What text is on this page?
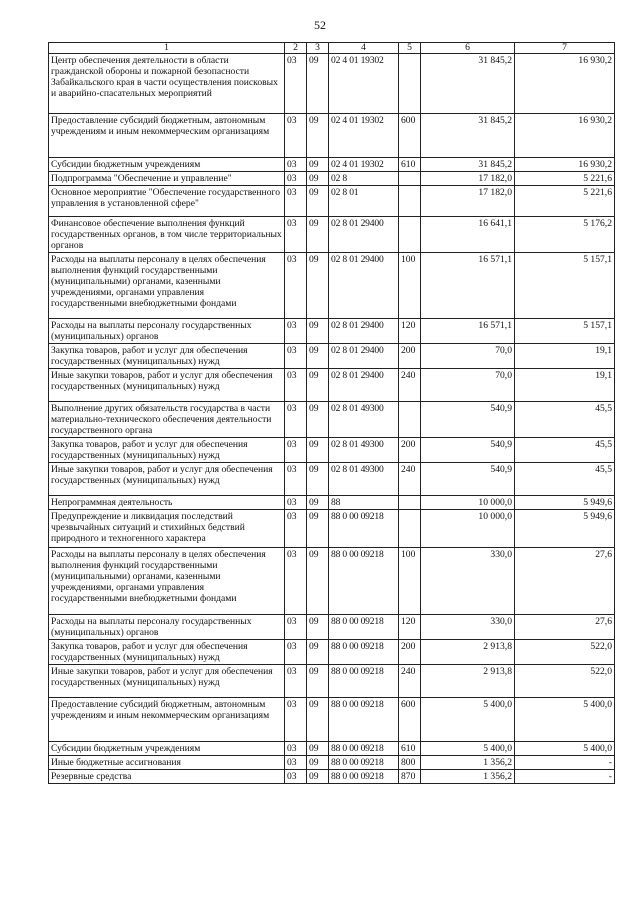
52
1	2	3	4	5	6	7
Центр обеспечения деятельности в области гражданской обороны и пожарной безопасности Забайкальского края в части осуществления поисковых и аварийно-спасательных мероприятий	03	09	02 4 01 19302		31 845,2	16 930,2
Предоставление субсидий бюджетным, автономным учреждениям и иным некоммерческим организациям	03	09	02 4 01 19302	600	31 845,2	16 930,2
Субсидии бюджетным учреждениям	03	09	02 4 01 19302	610	31 845,2	16 930,2
Подпрограмма "Обеспечение и управление"	03	09	02 8		17 182,0	5 221,6
Основное мероприятие "Обеспечение государственного управления в установленной сфере"	03	09	02 8 01		17 182,0	5 221,6
Финансовое обеспечение выполнения функций государственных органов, в том числе территориальных органов	03	09	02 8 01 29400		16 641,1	5 176,2
Расходы на выплаты персоналу в целях обеспечения выполнения функций государственными (муниципальными) органами, казенными учреждениями, органами управления государственными внебюджетными фондами	03	09	02 8 01 29400	100	16 571,1	5 157,1
Расходы на выплаты персоналу государственных (муниципальных) органов	03	09	02 8 01 29400	120	16 571,1	5 157,1
Закупка товаров, работ и услуг для обеспечения государственных (муниципальных) нужд	03	09	02 8 01 29400	200	70,0	19,1
Иные закупки товаров, работ и услуг для обеспечения государственных (муниципальных) нужд	03	09	02 8 01 29400	240	70,0	19,1
Выполнение других обязательств государства в части материально-технического обеспечения деятельности государственного органа	03	09	02 8 01 49300		540,9	45,5
Закупка товаров, работ и услуг для обеспечения государственных (муниципальных) нужд	03	09	02 8 01 49300	200	540,9	45,5
Иные закупки товаров, работ и услуг для обеспечения государственных (муниципальных) нужд	03	09	02 8 01 49300	240	540,9	45,5
Непрограммная деятельность	03	09	88		10 000,0	5 949,6
Предупреждение и ликвидация последствий чрезвычайных ситуаций и стихийных бедствий природного и техногенного характера	03	09	88 0 00 09218		10 000,0	5 949,6
Расходы на выплаты персоналу в целях обеспечения выполнения функций государственными (муниципальными) органами, казенными учреждениями, органами управления государственными внебюджетными фондами	03	09	88 0 00 09218	100	330,0	27,6
Расходы на выплаты персоналу государственных (муниципальных) органов	03	09	88 0 00 09218	120	330,0	27,6
Закупка товаров, работ и услуг для обеспечения государственных (муниципальных) нужд	03	09	88 0 00 09218	200	2 913,8	522,0
Иные закупки товаров, работ и услуг для обеспечения государственных (муниципальных) нужд	03	09	88 0 00 09218	240	2 913,8	522,0
Предоставление субсидий бюджетным, автономным учреждениям и иным некоммерческим организациям	03	09	88 0 00 09218	600	5 400,0	5 400,0
Субсидии бюджетным учреждениям	03	09	88 0 00 09218	610	5 400,0	5 400,0
Иные бюджетные ассигнования	03	09	88 0 00 09218	800	1 356,2	-
Резервные средства	03	09	88 0 00 09218	870	1 356,2	-
